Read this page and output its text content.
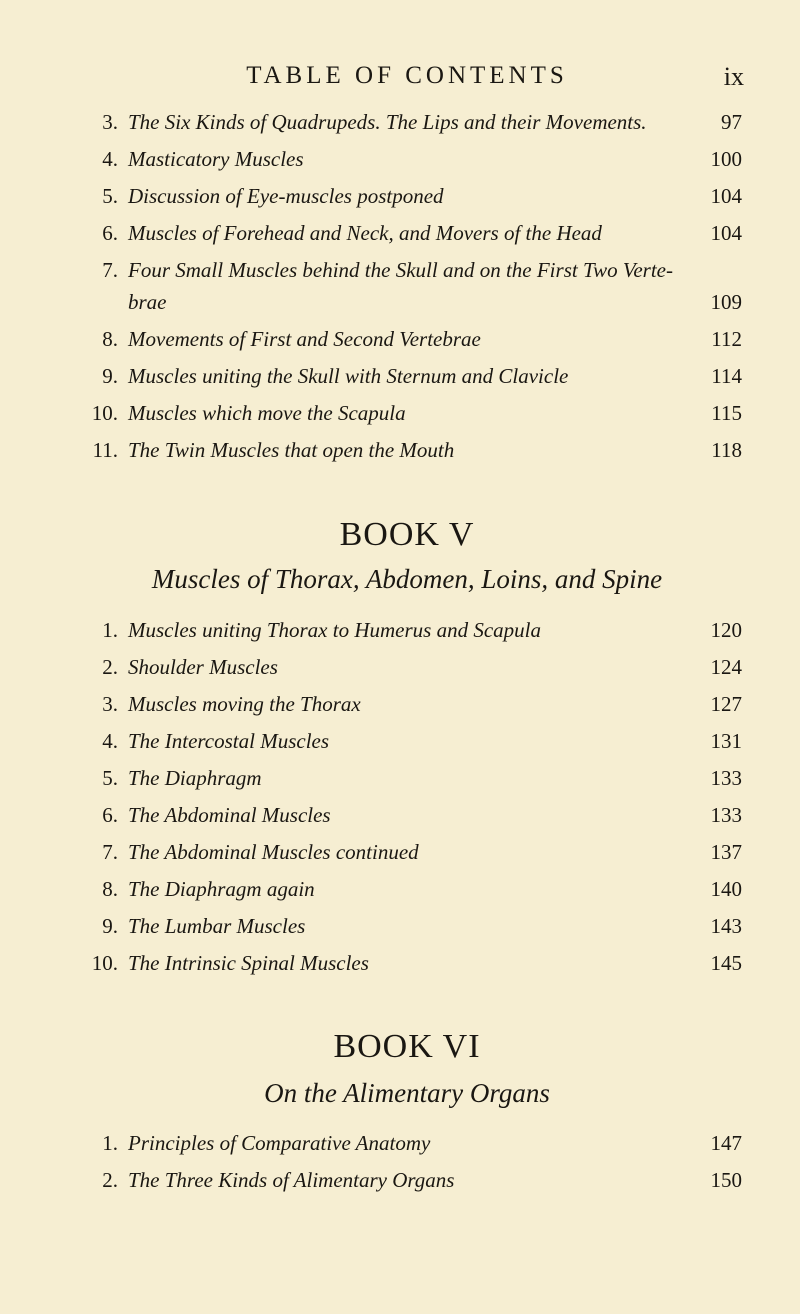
TABLE OF CONTENTS	ix
3. The Six Kinds of Quadrupeds. The Lips and their Movements.	97
4. Masticatory Muscles	100
5. Discussion of Eye-muscles postponed	104
6. Muscles of Forehead and Neck, and Movers of the Head	104
7. Four Small Muscles behind the Skull and on the First Two Verte-
brae	109
8. Movements of First and Second Vertebrae	112
9. Muscles uniting the Skull with Sternum and Clavicle	114
10. Muscles which move the Scapula	115
11. The Twin Muscles that open the Mouth	118
BOOK V
Muscles of Thorax, Abdomen, Loins, and Spine
1. Muscles uniting Thorax to Humerus and Scapula	120
2. Shoulder Muscles	124
3. Muscles moving the Thorax	127
4. The Intercostal Muscles	131
5. The Diaphragm	133
6. The Abdominal Muscles	133
7. The Abdominal Muscles continued	137
8. The Diaphragm again	140
9. The Lumbar Muscles	143
10. The Intrinsic Spinal Muscles	145
BOOK VI
On the Alimentary Organs
1. Principles of Comparative Anatomy	147
2. The Three Kinds of Alimentary Organs	150
